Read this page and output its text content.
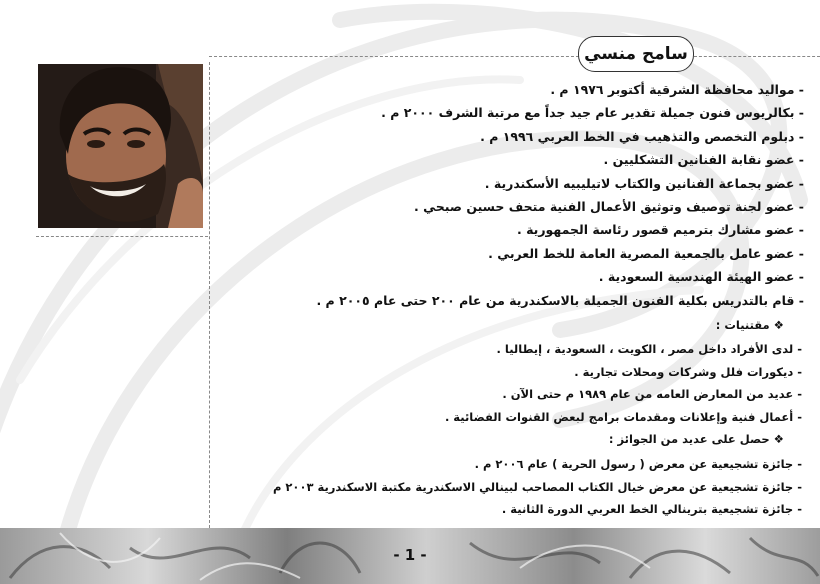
سامح منسي
- مواليد محافظة الشرقية أكتوبر ١٩٧٦ م .
- بكالريوس فنون جميلة تقدير عام جيد جداً مع مرتبة الشرف ٢٠٠٠ م .
- دبلوم التخصص والتذهيب في الخط العربي ١٩٩٦ م .
- عضو نقابة الفنانين التشكليين .
- عضو بجماعة الفنانين والكتاب لاتيليبيه الأسكندرية .
- عضو لجنة توصيف وتوثيق الأعمال الفنية متحف حسين صبحي .
- عضو مشارك بترميم قصور رئاسة الجمهورية .
- عضو عامل بالجمعية المصرية العامة للخط العربي .
- عضو الهيئة الهندسية السعودية .
- قام بالتدريس بكلية الفنون الجميلة بالاسكندرية من عام ٢٠٠ حتى عام ٢٠٠٥ م .
❖ مقتنيات :
- لدى الأفراد داخل مصر ، الكويت ، السعودية ، إيطاليا .
- ديكورات فلل وشركات ومحلات تجارية .
- عديد من المعارض العامه من عام ١٩٨٩ م حتى الآن .
- أعمال فنية وإعلانات ومقدمات برامج لبعض القنوات الفضائية .
❖ حصل على عديد من الجوائز :
- جائزة تشجيعية عن معرض ( رسول الحرية ) عام ٢٠٠٦ م .
- جائزة تشجيعية عن معرض خيال الكتاب المصاحب لبينالي الاسكندرية مكتبة الاسكندرية ٢٠٠٣ م
- جائزة تشجيعية بترينالي الخط العربي الدورة الثانية .
- 1 -
